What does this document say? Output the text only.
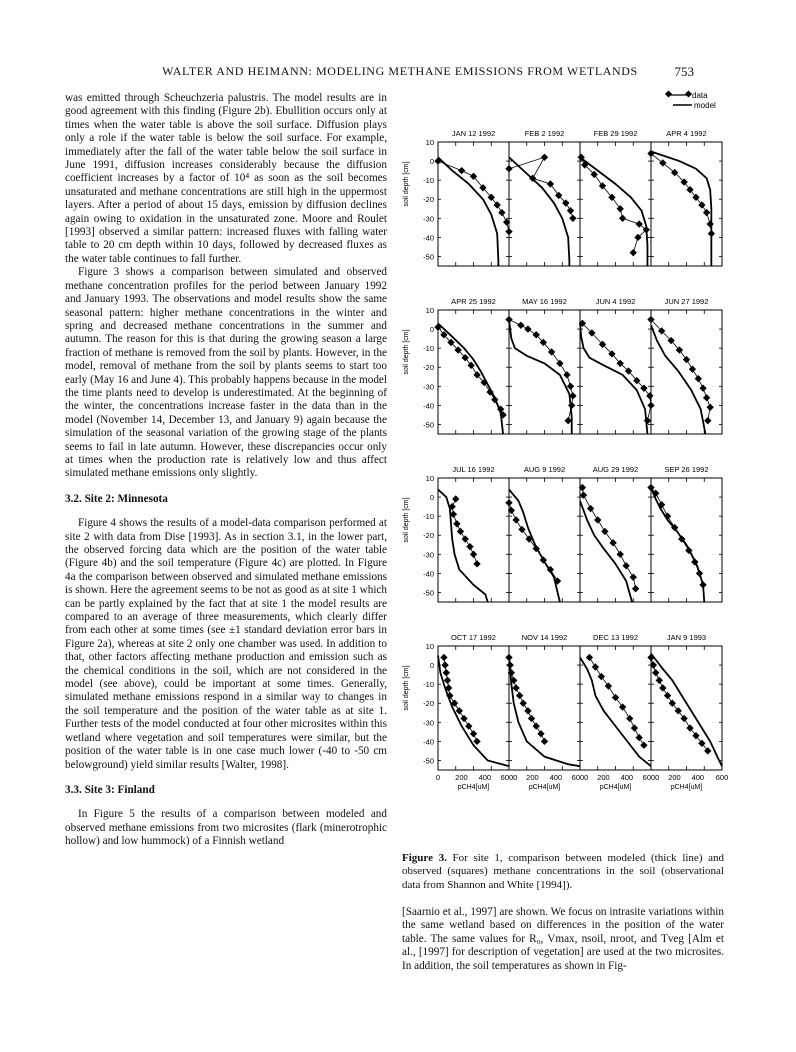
WALTER AND HEIMANN: MODELING METHANE EMISSIONS FROM WETLANDS	753

was emitted through Scheuchzeria palustris. The model results are in good agreement with this finding (Figure 2b). Ebullition occurs only at times when the water table is above the soil surface. Diffusion plays only a role if the water table is below the soil surface. For example, immediately after the fall of the water table below the soil surface in June 1991, diffusion increases considerably because the diffusion coefficient increases by a factor of 10⁴ as soon as the soil becomes unsaturated and methane concentrations are still high in the uppermost layers. After a period of about 15 days, emission by diffusion declines again owing to oxidation in the unsaturated zone. Moore and Roulet [1993] observed a similar pattern: increased fluxes with falling water table to 20 cm depth within 10 days, followed by decreased fluxes as the water table continues to fall further.

Figure 3 shows a comparison between simulated and observed methane concentration profiles for the period between January 1992 and January 1993. The observations and model results show the same seasonal pattern: higher methane concentrations in the winter and spring and decreased methane concentrations in the summer and autumn. The reason for this is that during the growing season a large fraction of methane is removed from the soil by plants. However, in the model, removal of methane from the soil by plants seems to start too early (May 16 and June 4). This probably happens because in the model the time plants need to develop is underestimated. At the beginning of the winter, the concentrations increase faster in the data than in the model (November 14, December 13, and January 9) again because the simulation of the seasonal variation of the growing stage of the plants seems to fail in late autumn. However, these discrepancies occur only at times when the production rate is relatively low and thus affect simulated methane emissions only slightly.

3.2. Site 2: Minnesota

Figure 4 shows the results of a model-data comparison performed at site 2 with data from Dise [1993]. As in section 3.1, in the lower part, the observed forcing data which are the position of the water table (Figure 4b) and the soil temperature (Figure 4c) are plotted. In Figure 4a the comparison between observed and simulated methane emissions is shown. Here the agreement seems to be not as good as at site 1 which can be partly explained by the fact that at site 1 the model results are compared to an average of three measurements, which clearly differ from each other at some times (see ±1 standard deviation error bars in Figure 2a), whereas at site 2 only one chamber was used. In addition to that, other factors affecting methane production and emission such as the chemical conditions in the soil, which are not considered in the model (see above), could be important at some times. Generally, simulated methane emissions respond in a similar way to changes in the soil temperature and the position of the water table as at site 1. Further tests of the model conducted at four other microsites within this wetland where vegetation and soil temperatures were similar, but the position of the water table is in one case much lower (-40 to -50 cm belowground) yield similar results [Walter, 1998].

3.3. Site 3: Finland

In Figure 5 the results of a comparison between modeled and observed methane emissions from two microsites (flark (minerotrophic hollow) and low hummock) of a Finnish wetland

data
model
soil depth [cm]
10
0
-10
-20
-30
-40
-50
JAN 12 1992	FEB 2 1992	FEB 29 1992	APR 4 1992
soil depth [cm]
10
0
-10
-20
-30
-40
-50
APR 25 1992	MAY 16 1992	JUN 4 1992	JUN 27 1992
soil depth [cm]
10
0
-10
-20
-30
-40
-50
JUL 16 1992	AUG 9 1992	AUG 29 1992	SEP 26 1992
soil depth [cm]
10
0
-10
-20
-30
-40
-50
OCT 17 1992	NOV 14 1992	DEC 13 1992	JAN 9 1993
0 200 400 6000 200 400 6000 200 400 6000 200 400 600
pCH4[uM]	pCH4[uM]	pCH4[uM]	pCH4[uM]
Figure 3. For site 1, comparison between modeled (thick line) and observed (squares) methane concentrations in the soil (observational data from Shannon and White [1994]).

[Saarnio et al., 1997] are shown. We focus on intrasite variations within the same wetland based on differences in the position of the water table. The same values for R₀, Vmax, nsoil, nroot, and Tveg [Alm et al., [1997] for description of vegetation] are used at the two microsites. In addition, the soil temperatures as shown in Fig-
